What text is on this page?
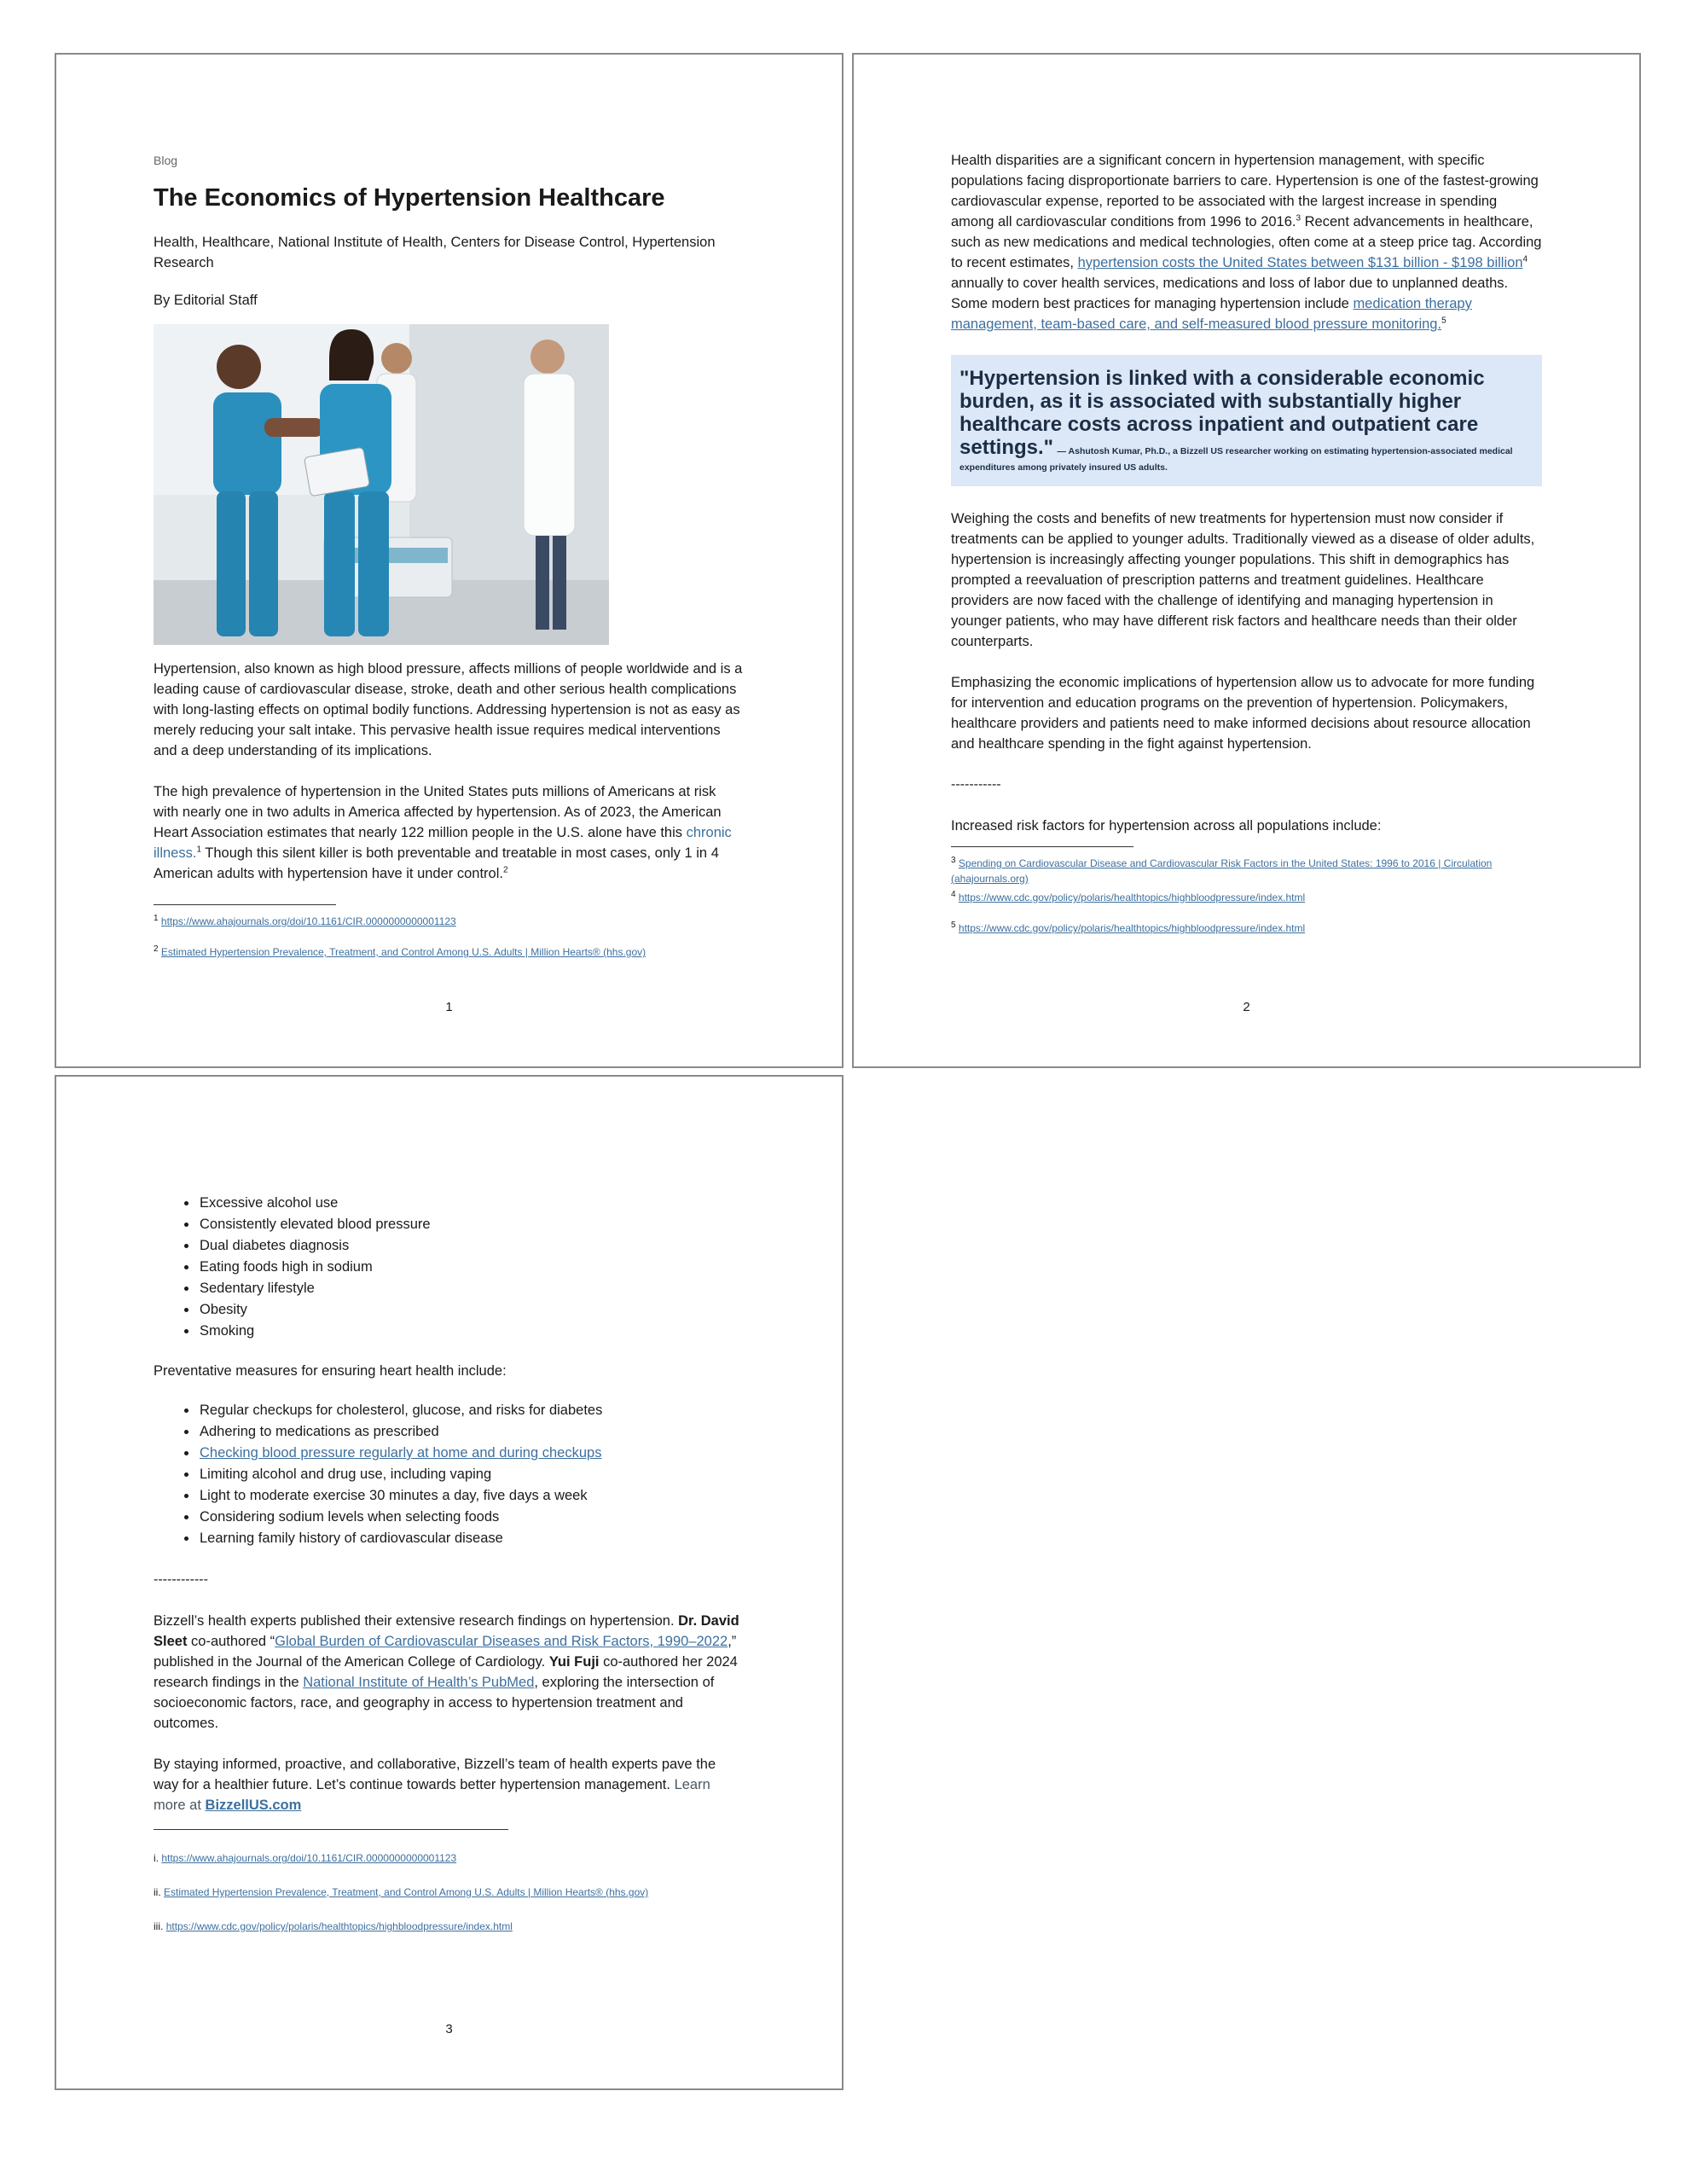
Blog

The Economics of Hypertension Healthcare

Health, Healthcare, National Institute of Health, Centers for Disease Control, Hypertension Research

By Editorial Staff

Hypertension, also known as high blood pressure, affects millions of people worldwide and is a leading cause of cardiovascular disease, stroke, death and other serious health complications with long-lasting effects on optimal bodily functions. Addressing hypertension is not as easy as merely reducing your salt intake. This pervasive health issue requires medical interventions and a deep understanding of its implications.

The high prevalence of hypertension in the United States puts millions of Americans at risk with nearly one in two adults in America affected by hypertension. As of 2023, the American Heart Association estimates that nearly 122 million people in the U.S. alone have this chronic illness.$^1$ Though this silent killer is both preventable and treatable in most cases, only 1 in 4 American adults with hypertension have it under control.$^2$

$^1$ https://www.ahajournals.org/doi/10.1161/CIR.0000000000001123

$^2$ Estimated Hypertension Prevalence, Treatment, and Control Among U.S. Adults | Million Hearts® (hhs.gov)

1

Health disparities are a significant concern in hypertension management, with specific populations facing disproportionate barriers to care. Hypertension is one of the fastest-growing cardiovascular expense, reported to be associated with the largest increase in spending among all cardiovascular conditions from 1996 to 2016.$^3$ Recent advancements in healthcare, such as new medications and medical technologies, often come at a steep price tag. According to recent estimates, hypertension costs the United States between $131 billion - $198 billion$^4$ annually to cover health services, medications and loss of labor due to unplanned deaths. Some modern best practices for managing hypertension include medication therapy management, team-based care, and self-measured blood pressure monitoring.$^5$

"Hypertension is linked with a considerable economic burden, as it is associated with substantially higher healthcare costs across inpatient and outpatient care settings." — Ashutosh Kumar, Ph.D., a Bizzell US researcher working on estimating hypertension-associated medical expenditures among privately insured US adults.

Weighing the costs and benefits of new treatments for hypertension must now consider if treatments can be applied to younger adults. Traditionally viewed as a disease of older adults, hypertension is increasingly affecting younger populations. This shift in demographics has prompted a reevaluation of prescription patterns and treatment guidelines. Healthcare providers are now faced with the challenge of identifying and managing hypertension in younger patients, who may have different risk factors and healthcare needs than their older counterparts.

Emphasizing the economic implications of hypertension allow us to advocate for more funding for intervention and education programs on the prevention of hypertension. Policymakers, healthcare providers and patients need to make informed decisions about resource allocation and healthcare spending in the fight against hypertension.

-----------

Increased risk factors for hypertension across all populations include:

$^3$ Spending on Cardiovascular Disease and Cardiovascular Risk Factors in the United States: 1996 to 2016 | Circulation (ahajournals.org)

$^4$ https://www.cdc.gov/policy/polaris/healthtopics/highbloodpressure/index.html

$^5$ https://www.cdc.gov/policy/polaris/healthtopics/highbloodpressure/index.html

2
• Excessive alcohol use
• Consistently elevated blood pressure
• Dual diabetes diagnosis
• Eating foods high in sodium
• Sedentary lifestyle
• Obesity
• Smoking

Preventative measures for ensuring heart health include:

• Regular checkups for cholesterol, glucose, and risks for diabetes
• Adhering to medications as prescribed
• Checking blood pressure regularly at home and during checkups
• Limiting alcohol and drug use, including vaping
• Light to moderate exercise 30 minutes a day, five days a week
• Considering sodium levels when selecting foods
• Learning family history of cardiovascular disease

------------

Bizzell’s health experts published their extensive research findings on hypertension. Dr. David Sleet co-authored “Global Burden of Cardiovascular Diseases and Risk Factors, 1990–2022,” published in the Journal of the American College of Cardiology. Yui Fuji co-authored her 2024 research findings in the National Institute of Health’s PubMed, exploring the intersection of socioeconomic factors, race, and geography in access to hypertension treatment and outcomes.

By staying informed, proactive, and collaborative, Bizzell’s team of health experts pave the way for a healthier future. Let’s continue towards better hypertension management. Learn more at BizzellUS.com

i. https://www.ahajournals.org/doi/10.1161/CIR.0000000000001123

ii. Estimated Hypertension Prevalence, Treatment, and Control Among U.S. Adults | Million Hearts® (hhs.gov)

iii. https://www.cdc.gov/policy/polaris/healthtopics/highbloodpressure/index.html

3
